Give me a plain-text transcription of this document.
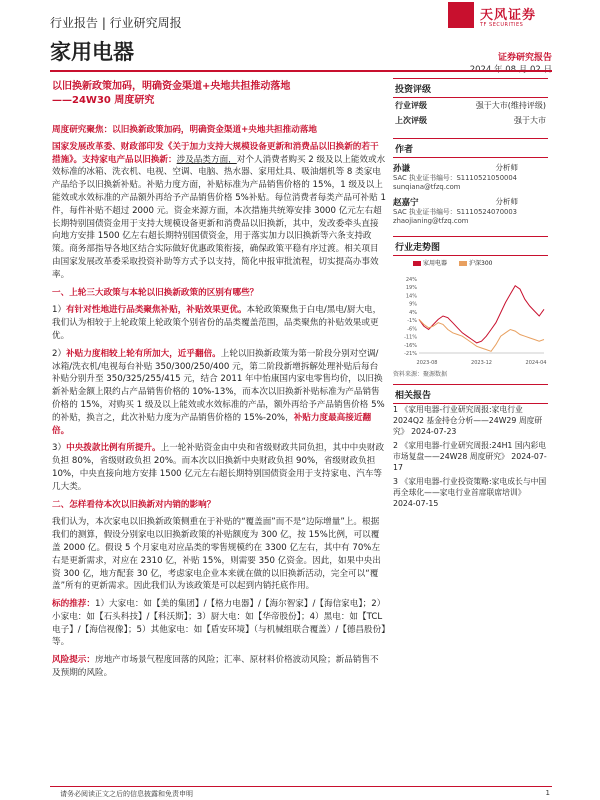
行业报告 | 行业研究周报	天风证券
TF SECURITIES
家用电器	证券研究报告
以旧换新政策加码，明确资金渠道+央地共担推动落地
——24W30 周度研究

周度研究聚焦：以旧换新政策加码，明确资金渠道+央地共担推动落地

国家发展改革委、财政部印发《关于加力支持大规模设备更新和消费品以旧换新的若干措施》。支持家电产品以旧换新：涉及品类方面，对个人消费者购买 2 级及以上能效或水效标准的冰箱、洗衣机、电视、空调、电脑、热水器、家用灶具、吸油烟机等 8 类家电产品给予以旧换新补贴。补贴力度方面，补贴标准为产品销售价格的 15%，1 级及以上能效或水效标准的产品额外再给予产品销售价格 5%补贴。每位消费者每类产品可补贴 1 件，每件补贴不超过 2000 元。资金来源方面，本次措施共统筹安排 3000 亿元左右超长期特别国债资金用于支持大规模设备更新和消费品以旧换新，其中，发改委牵头直接向地方安排 1500 亿左右超长期特别国债资金，用于落实加力以旧换新等六条支持政策。商务部指导各地区结合实际做好优惠政策衔接，确保政策平稳有序过渡。相关项目由国家发展改革委采取投资补助等方式予以支持，简化申报审批流程，切实提高办事效率。

一、上轮三大政策与本轮以旧换新政策的区别有哪些？

1）有针对性地进行品类聚焦补贴，补贴效果更优。本轮政策聚焦于白电/黑电/厨大电，我们认为相较于上轮政策上轮政策个别省份的品类覆盖范围，品类聚焦的补贴效果或更优。

2）补贴力度相较上轮有所加大，近乎翻倍。上轮以旧换新政策为第一阶段分别对空调/冰箱/洗衣机/电视每台补贴 350/300/250/400 元，第二阶段新增拆解处理补贴后每台补贴分别升至 350/325/255/415 元，结合 2011 年中怡康国内家电零售均价，以旧换新补贴金额上限约占产品销售价格的 10%-13%，而本次以旧换新补贴标准为产品销售价格的 15%，对购买 1 级及以上能效或水效标准的产品，额外再给予产品销售价格 5%的补贴，换言之，此次补贴力度为产品销售价格的 15%-20%，补贴力度最高接近翻倍。

3）中央拨款比例有所提升。上一轮补贴资金由中央和省级财政共同负担，其中中央财政负担 80%，省级财政负担 20%。而本次以旧换新中央财政负担 90%，省级财政负担 10%，中央直接向地方安排 1500 亿元左右超长期特别国债资金用于支持家电、汽车等几大类。

二、怎样看待本次以旧换新对内销的影响？

我们认为，本次家电以旧换新政策侧重在于补贴的“覆盖面”而不是“边际增量”上。根据我们的测算，假设分别家电以旧换新政策的补贴额度为 300 亿，按 15%比例，可以覆盖 2000 亿。假设 5 个月家电对应品类的零售规模约在 3300 亿左右，其中有 70%左右是更新需求，对应在 2310 亿，补贴 15%，则需要 350 亿资金。因此，如果中央出资 300 亿，地方配套 30 亿，考虑家电企业本来就在做的以旧换新活动，完全可以“覆盖”所有的更新需求。因此我们认为该政策是可以起到内销托底作用。

标的推荐：1）大家电：如【美的集团】/【格力电器】/【海尔智家】/【海信家电】；2）小家电：如【石头科技】/【科沃斯】；3）厨大电：如【华帝股份】；4）黑电：如【TCL 电子】/【海信视像】；5）其他家电：如【盾安环境】（与机械组联合覆盖）/【德昌股份】等。

风险提示：房地产市场景气程度回落的风险；汇率、原材料价格波动风险；新品销售不及预期的风险。

投资评级
行业评级	强于大市(维持评级)
上次评级	强于大市
作者
孙谦	分析师
SAC 执业证书编号：S1110521050004
sunqiana@tfzq.com
赵嘉宁	分析师
SAC 执业证书编号：S1110524070003
zhaojianing@tfzq.com
行业走势图
家用电器	沪深300
24%
19%
14%
9%
4%
-1%
-6%
-11%
-16%
-21%
2023-08	2023-12	2024-04
资料来源：聚源数据
相关报告

1 《家用电器-行业研究周报:家电行业 2024Q2 基金持仓分析——24W29 周度研究》 2024-07-23

2 《家用电器-行业研究周报:24H1 国内彩电市场复盘——24W28 周度研究》 2024-07-17

3 《家用电器-行业投资策略:家电成长与中国再全球化——家电行业首席联席培训》 2024-07-15

请务必阅读正文之后的信息披露和免责申明	1
